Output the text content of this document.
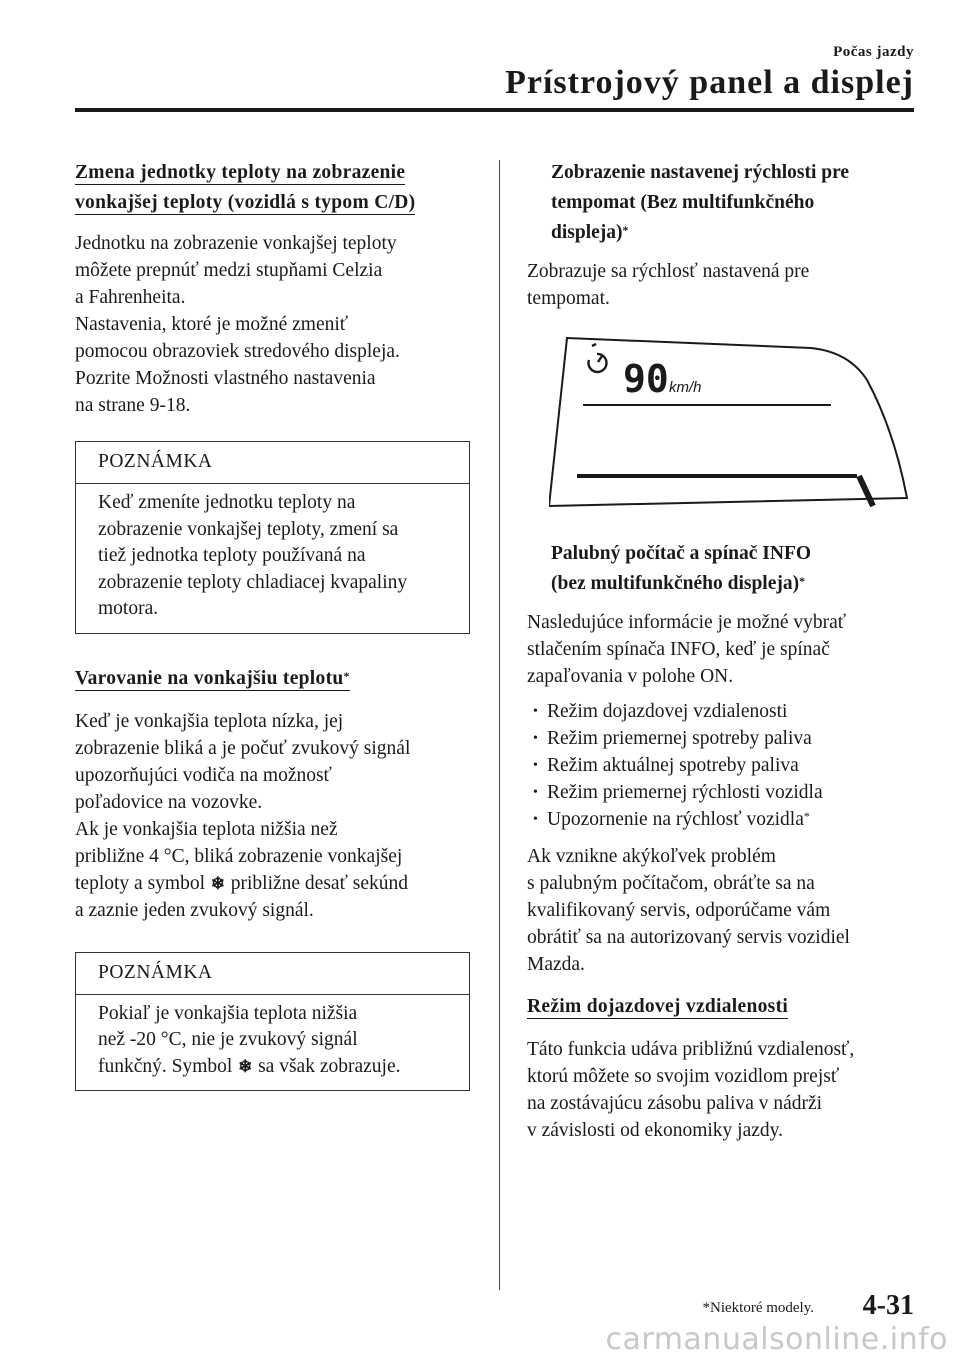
Počas jazdy
Prístrojový panel a displej
Zmena jednotky teploty na zobrazenie
vonkajšej teploty (vozidlá s typom C/D)

Jednotku na zobrazenie vonkajšej teploty
môžete prepnúť medzi stupňami Celzia
a Fahrenheita.
Nastavenia, ktoré je možné zmeniť
pomocou obrazoviek stredového displeja.
Pozrite Možnosti vlastného nastavenia
na strane 9-18.

POZNÁMKA
Keď zmeníte jednotku teploty na
zobrazenie vonkajšej teploty, zmení sa
tiež jednotka teploty používaná na
zobrazenie teploty chladiacej kvapaliny
motora.
Varovanie na vonkajšiu teplotu*

Keď je vonkajšia teplota nízka, jej
zobrazenie bliká a je počuť zvukový signál
upozorňujúci vodiča na možnosť
poľadovice na vozovke.
Ak je vonkajšia teplota nižšia než
približne 4 °C, bliká zobrazenie vonkajšej
teploty a symbol ❄ približne desať sekúnd
a zaznie jeden zvukový signál.

POZNÁMKA
Pokiaľ je vonkajšia teplota nižšia
než -20 °C, nie je zvukový signál
funkčný. Symbol ❄ sa však zobrazuje.
Zobrazenie nastavenej rýchlosti pre
tempomat (Bez multifunkčného
displeja)*

Zobrazuje sa rýchlosť nastavená pre
tempomat.

90 km/h
Palubný počítač a spínač INFO
(bez multifunkčného displeja)*

Nasledujúce informácie je možné vybrať
stlačením spínača INFO, keď je spínač
zapaľovania v polohe ON.

• Režim dojazdovej vzdialenosti
• Režim priemernej spotreby paliva
• Režim aktuálnej spotreby paliva
• Režim priemernej rýchlosti vozidla
• Upozornenie na rýchlosť vozidla*

Ak vznikne akýkoľvek problém
s palubným počítačom, obráťte sa na
kvalifikovaný servis, odporúčame vám
obrátiť sa na autorizovaný servis vozidiel
Mazda.

Režim dojazdovej vzdialenosti

Táto funkcia udáva približnú vzdialenosť,
ktorú môžete so svojim vozidlom prejsť
na zostávajúcu zásobu paliva v nádrži
v závislosti od ekonomiky jazdy.

*Niektoré modely. 4-31
carmanualsonline.info
